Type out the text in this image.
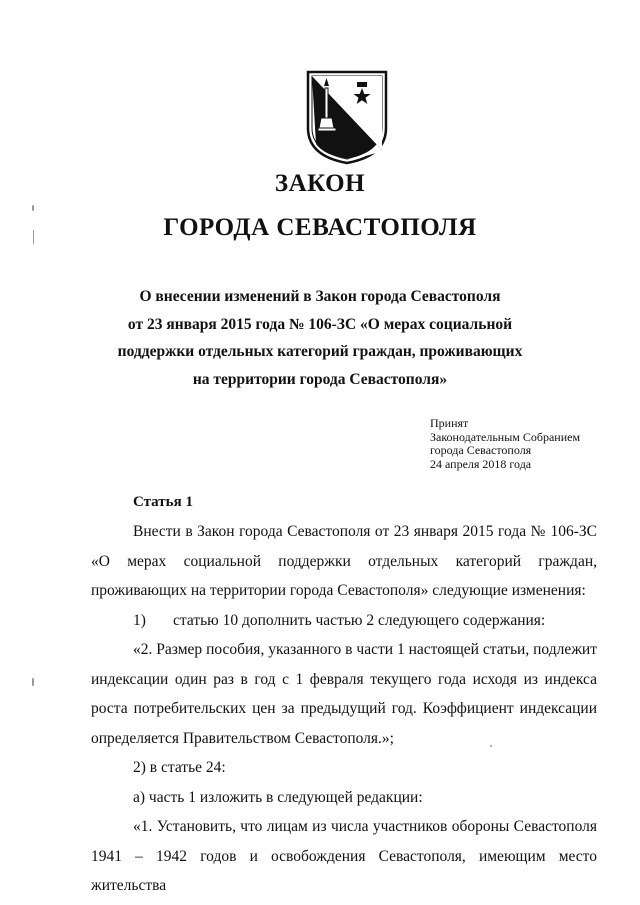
ЗАКОН
ГОРОДА СЕВАСТОПОЛЯ
О внесении изменений в Закон города Севастополя
от 23 января 2015 года № 106-ЗС «О мерах социальной
поддержки отдельных категорий граждан, проживающих
на территории города Севастополя»
Принят
Законодательным Собранием
города Севастополя
24 апреля 2018 года
Статья 1
Внести в Закон города Севастополя от 23 января 2015 года № 106-ЗС
«О мерах социальной поддержки отдельных категорий граждан,
проживающих на территории города Севастополя» следующие изменения:
1) статью 10 дополнить частью 2 следующего содержания:
«2. Размер пособия, указанного в части 1 настоящей статьи, подлежит
индексации один раз в год с 1 февраля текущего года исходя из индекса
роста потребительских цен за предыдущий год. Коэффициент индексации
определяется Правительством Севастополя.»;
2) в статье 24:
а) часть 1 изложить в следующей редакции:
«1. Установить, что лицам из числа участников обороны Севастополя
1941 – 1942 годов и освобождения Севастополя, имеющим место жительства
